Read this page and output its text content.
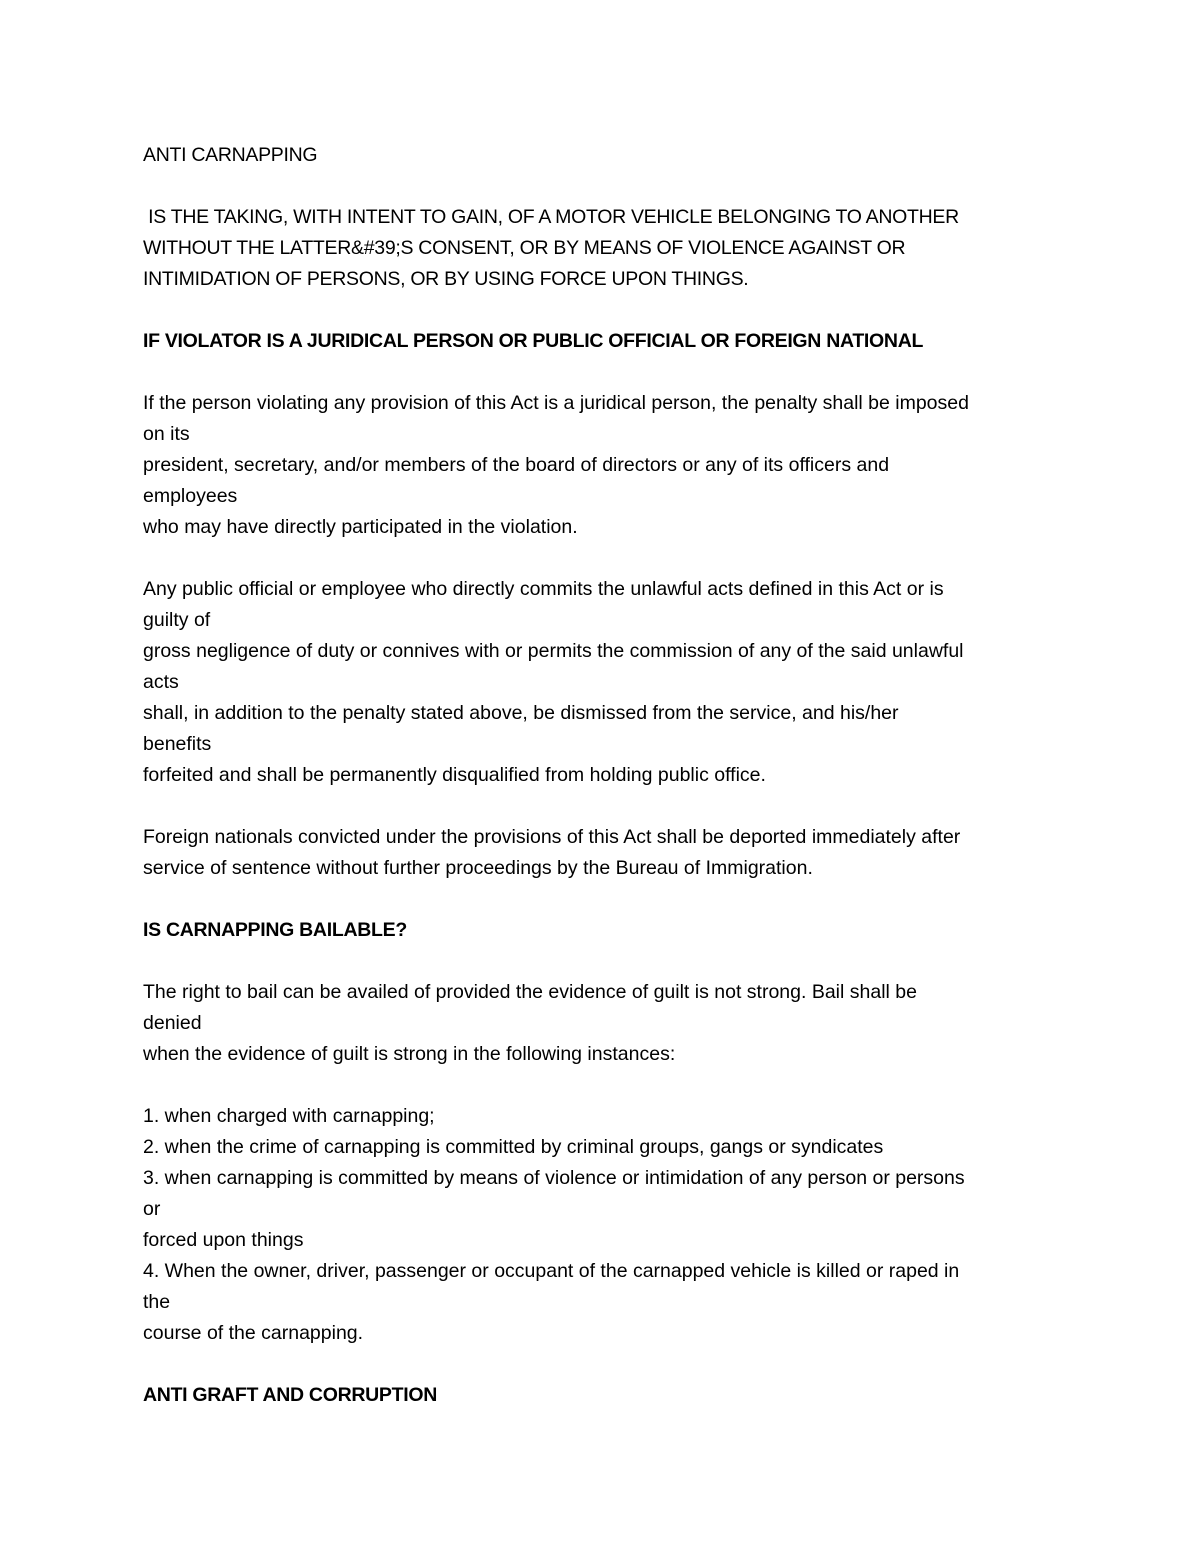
ANTI CARNAPPING
IS THE TAKING, WITH INTENT TO GAIN, OF A MOTOR VEHICLE BELONGING TO ANOTHER
WITHOUT THE LATTER&#39;S CONSENT, OR BY MEANS OF VIOLENCE AGAINST OR
INTIMIDATION OF PERSONS, OR BY USING FORCE UPON THINGS.
IF VIOLATOR IS A JURIDICAL PERSON OR PUBLIC OFFICIAL OR FOREIGN NATIONAL
If the person violating any provision of this Act is a juridical person, the penalty shall be imposed
on its
president, secretary, and/or members of the board of directors or any of its officers and
employees
who may have directly participated in the violation.
Any public official or employee who directly commits the unlawful acts defined in this Act or is
guilty of
gross negligence of duty or connives with or permits the commission of any of the said unlawful
acts
shall, in addition to the penalty stated above, be dismissed from the service, and his/her
benefits
forfeited and shall be permanently disqualified from holding public office.
Foreign nationals convicted under the provisions of this Act shall be deported immediately after
service of sentence without further proceedings by the Bureau of Immigration.
IS CARNAPPING BAILABLE?
The right to bail can be availed of provided the evidence of guilt is not strong. Bail shall be
denied
when the evidence of guilt is strong in the following instances:
1. when charged with carnapping;
2. when the crime of carnapping is committed by criminal groups, gangs or syndicates
3. when carnapping is committed by means of violence or intimidation of any person or persons
or
forced upon things
4. When the owner, driver, passenger or occupant of the carnapped vehicle is killed or raped in
the
course of the carnapping.
ANTI GRAFT AND CORRUPTION
